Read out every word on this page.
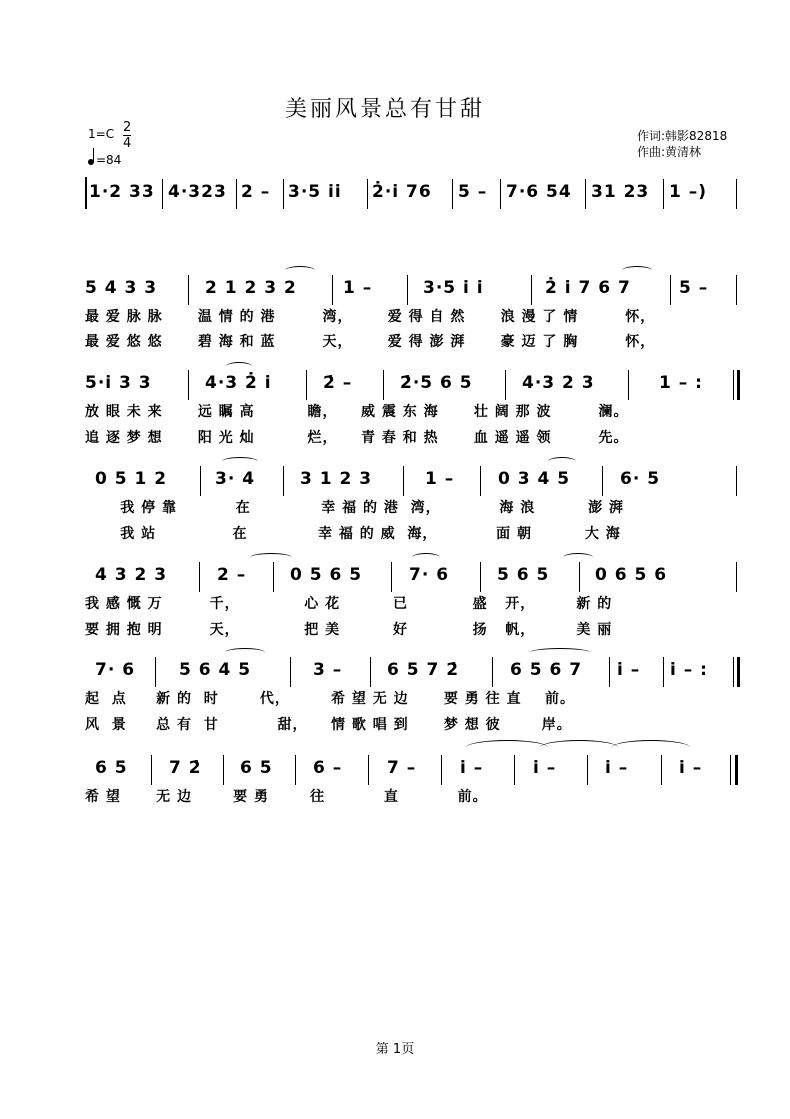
美丽风景总有甘甜
1=C 2
4
=84
作词:韩影82818
作曲:黄清林
1·2 33 4·323 2 – 3·5 i̇i̇ 2̇·i̇ 76 5 – 7·6 54 31 23 1 –)
5 4 3 3	2 1 2 3 2	1 –	3·5 i̇ i̇	2̇ i̇ 7 6 7	5 –
最 爱 脉 脉      温 情 的 港        湾，      爱 得 自 然      浪 漫 了 情        怀，
最 爱 悠 悠      碧 海 和 蓝        天，      爱 得 澎 湃      豪 迈 了 胸        怀，
5·i̇ 3 3	4·3 2̇ i̇	2̇ –	2̇·5 6 5	4·3 2 3	1 – :
放 眼 未 来      远 瞩 高         瞻，    威 震 东 海      壮 阔 那 波        澜。
追 逐 梦 想      阳 光 灿         烂，    青 春 和 热      血 遥 遥 领        先。
0 5 1 2	3· 4	3 1 2 3	1 –	0 3 4 5	6· 5
我 停 靠          在            幸 福 的 港  湾，          海 浪         澎 湃
我 站             在            幸 福 的 威  海，          面 朝         大 海
4 3 2 3	2 –	0 5 6 5	7· 6	5 6 5	0 6 5 6
我 感 慨 万        千，           心 花         已           盛   开，       新 的
要 拥 抱 明        天，           把 美         好           扬   帆，       美 丽
7· 6	5 6 4 5	3 –	6 5 7 2̇	6 5 6 7 i̇ – i̇ – :
起  点     新 的  时       代，       希 望 无 边      要 勇 往 直    前。
风  景     总 有  甘          甜，    情 歌 唱 到      梦 想 彼       岸。
6 5 7 2̇ 6 5 6 –	7 –	i̇ –	i̇ –	i̇ –	i̇ –
希 望      无 边       要 勇       往          直          前。
第 1页
